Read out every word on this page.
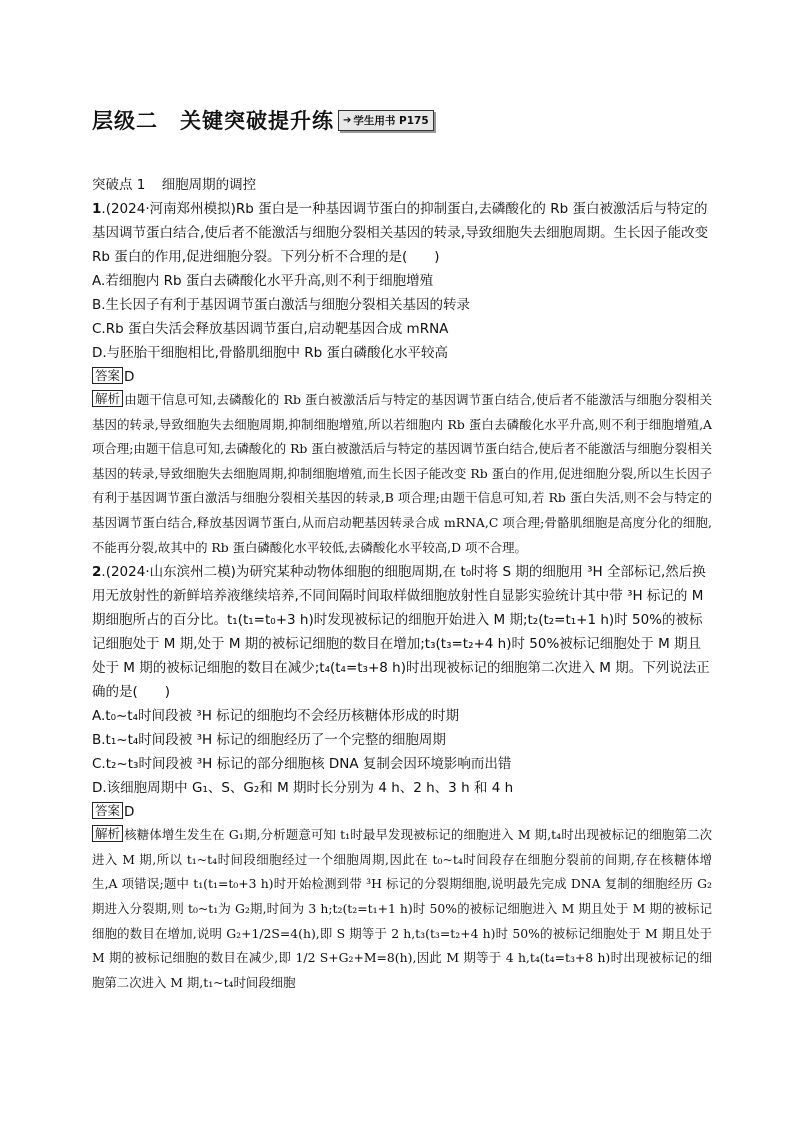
层级二　关键突破提升练 ➔ 学生用书 P175
突破点 1 细胞周期的调控

1.(2024·河南郑州模拟)Rb 蛋白是一种基因调节蛋白的抑制蛋白,去磷酸化的 Rb 蛋白被激活后与特定的基因调节蛋白结合,使后者不能激活与细胞分裂相关基因的转录,导致细胞失去细胞周期。生长因子能改变 Rb 蛋白的作用,促进细胞分裂。下列分析不合理的是(　　)

A.若细胞内 Rb 蛋白去磷酸化水平升高,则不利于细胞增殖

B.生长因子有利于基因调节蛋白激活与细胞分裂相关基因的转录

C.Rb 蛋白失活会释放基因调节蛋白,启动靶基因合成 mRNA

D.与胚胎干细胞相比,骨骼肌细胞中 Rb 蛋白磷酸化水平较高

答案 D

解析 由题干信息可知,去磷酸化的 Rb 蛋白被激活后与特定的基因调节蛋白结合,使后者不能激活与细胞分裂相关基因的转录,导致细胞失去细胞周期,抑制细胞增殖,所以若细胞内 Rb 蛋白去磷酸化水平升高,则不利于细胞增殖,A 项合理;由题干信息可知,去磷酸化的 Rb 蛋白被激活后与特定的基因调节蛋白结合,使后者不能激活与细胞分裂相关基因的转录,导致细胞失去细胞周期,抑制细胞增殖,而生长因子能改变 Rb 蛋白的作用,促进细胞分裂,所以生长因子有利于基因调节蛋白激活与细胞分裂相关基因的转录,B 项合理;由题干信息可知,若 Rb 蛋白失活,则不会与特定的基因调节蛋白结合,释放基因调节蛋白,从而启动靶基因转录合成 mRNA,C 项合理;骨骼肌细胞是高度分化的细胞,不能再分裂,故其中的 Rb 蛋白磷酸化水平较低,去磷酸化水平较高,D 项不合理。

2.(2024·山东滨州二模)为研究某种动物体细胞的细胞周期,在 t₀时将 S 期的细胞用 ³H 全部标记,然后换用无放射性的新鲜培养液继续培养,不同间隔时间取样做细胞放射性自显影实验统计其中带 ³H 标记的 M 期细胞所占的百分比。t₁(t₁=t₀+3 h)时发现被标记的细胞开始进入 M 期;t₂(t₂=t₁+1 h)时 50%的被标记细胞处于 M 期,处于 M 期的被标记细胞的数目在增加;t₃(t₃=t₂+4 h)时 50%被标记细胞处于 M 期且处于 M 期的被标记细胞的数目在减少;t₄(t₄=t₃+8 h)时出现被标记的细胞第二次进入 M 期。下列说法正确的是(　　)

A.t₀~t₄时间段被 ³H 标记的细胞均不会经历核糖体形成的时期

B.t₁~t₄时间段被 ³H 标记的细胞经历了一个完整的细胞周期

C.t₂~t₃时间段被 ³H 标记的部分细胞核 DNA 复制会因环境影响而出错

D.该细胞周期中 G₁、S、G₂和 M 期时长分别为 4 h、2 h、3 h 和 4 h

答案 D

解析 核糖体增生发生在 G₁期,分析题意可知 t₁时最早发现被标记的细胞进入 M 期,t₄时出现被标记的细胞第二次进入 M 期,所以 t₁~t₄时间段细胞经过一个细胞周期,因此在 t₀~t₄时间段存在细胞分裂前的间期,存在核糖体增生,A 项错误;题中 t₁(t₁=t₀+3 h)时开始检测到带 ³H 标记的分裂期细胞,说明最先完成 DNA 复制的细胞经历 G₂期进入分裂期,则 t₀~t₁为 G₂期,时间为 3 h;t₂(t₂=t₁+1 h)时 50%的被标记细胞进入 M 期且处于 M 期的被标记细胞的数目在增加,说明 G₂+1/2S=4(h),即 S 期等于 2 h,t₃(t₃=t₂+4 h)时 50%的被标记细胞处于 M 期且处于 M 期的被标记细胞的数目在减少,即 1/2 S+G₂+M=8(h),因此 M 期等于 4 h,t₄(t₄=t₃+8 h)时出现被标记的细胞第二次进入 M 期,t₁~t₄时间段细胞
